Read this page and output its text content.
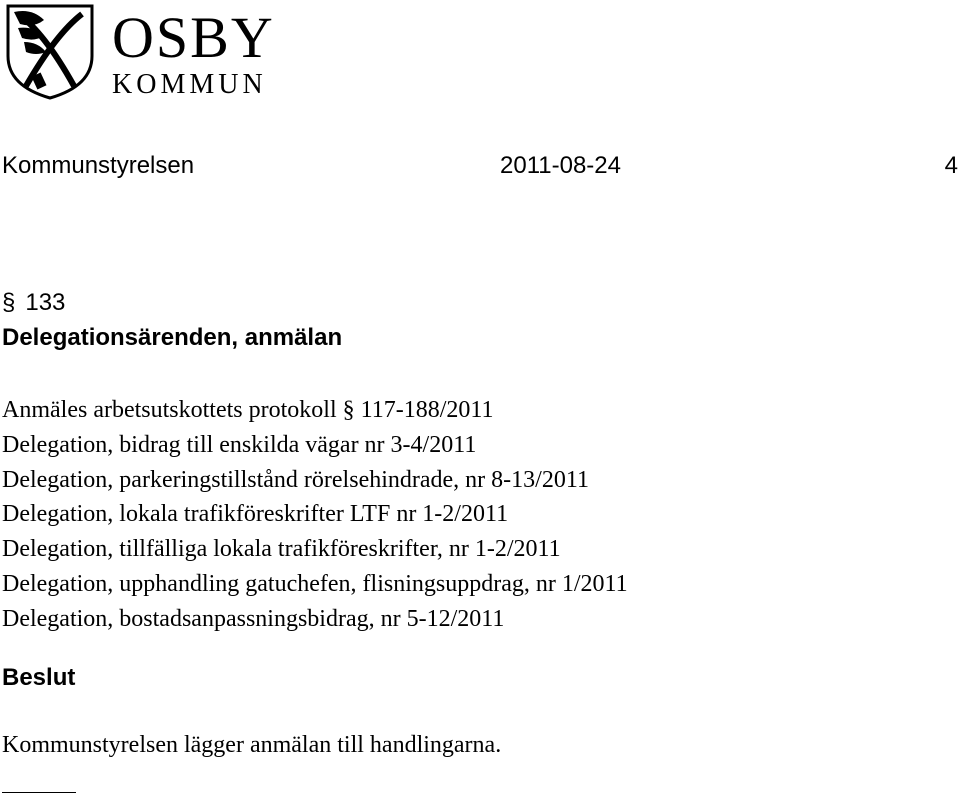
OSBY
KOMMUN
Kommunstyrelsen	2011-08-24	4
§ 133
Delegationsärenden, anmälan
Anmäles arbetsutskottets protokoll § 117-188/2011
Delegation, bidrag till enskilda vägar nr 3-4/2011
Delegation, parkeringstillstånd rörelsehindrade, nr 8-13/2011
Delegation, lokala trafikföreskrifter LTF nr 1-2/2011
Delegation, tillfälliga lokala trafikföreskrifter, nr 1-2/2011
Delegation, upphandling gatuchefen, flisningsuppdrag, nr 1/2011
Delegation, bostadsanpassningsbidrag, nr 5-12/2011
Beslut
Kommunstyrelsen lägger anmälan till handlingarna.
